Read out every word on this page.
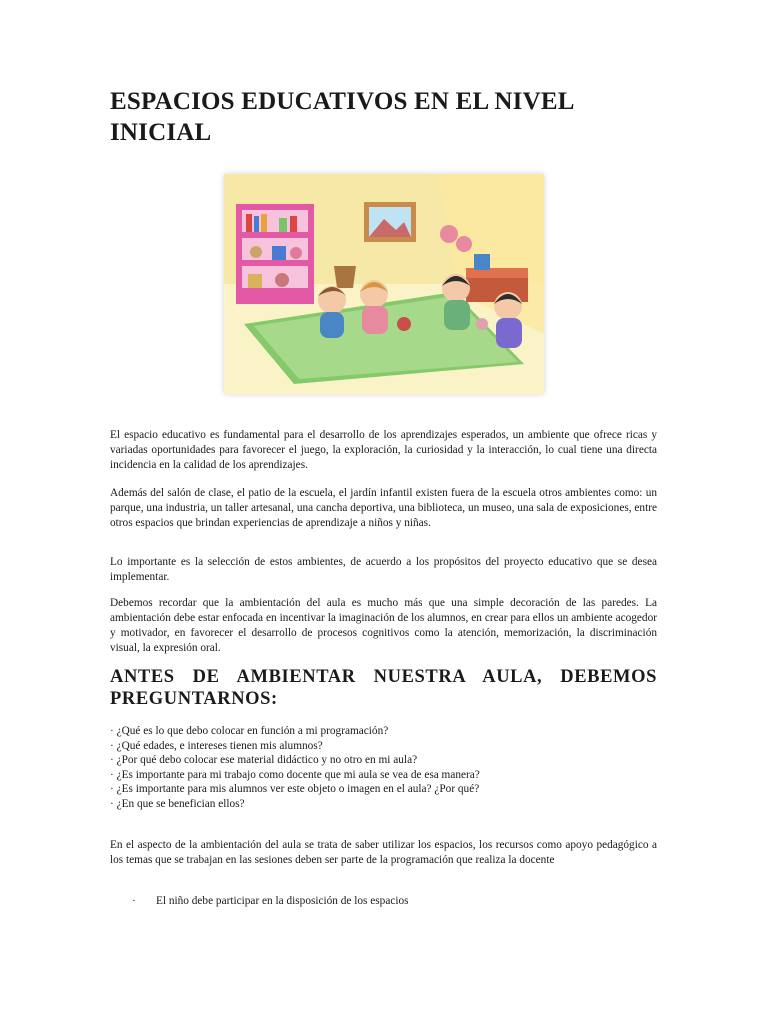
ESPACIOS EDUCATIVOS EN EL NIVEL INICIAL

El espacio educativo es fundamental para el desarrollo de los aprendizajes esperados, un ambiente que ofrece ricas y variadas oportunidades para favorecer el juego, la exploración, la curiosidad y la interacción, lo cual tiene una directa incidencia en la calidad de los aprendizajes.

Además del salón de clase, el patio de la escuela, el jardín infantil existen fuera de la escuela otros ambientes como: un parque, una industria, un taller artesanal, una cancha deportiva, una biblioteca, un museo, una sala de exposiciones, entre otros espacios que brindan experiencias de aprendizaje a niños y niñas.

Lo importante es la selección de estos ambientes, de acuerdo a los propósitos del proyecto educativo que se desea implementar.

Debemos recordar que la ambientación del aula es mucho más que una simple decoración de las paredes. La ambientación debe estar enfocada en incentivar la imaginación de los alumnos, en crear para ellos un ambiente acogedor y motivador, en favorecer el desarrollo de procesos cognitivos como la atención, memorización, la discriminación visual, la expresión oral.

ANTES DE AMBIENTAR NUESTRA AULA, DEBEMOS PREGUNTARNOS:
· ¿Qué es lo que debo colocar en función a mi programación?
· ¿Qué edades, e intereses tienen mis alumnos?
· ¿Por qué debo colocar ese material didáctico y no otro en mi aula?
· ¿Es importante para mi trabajo como docente que mi aula se vea de esa manera?
· ¿Es importante para mis alumnos ver este objeto o imagen en el aula? ¿Por qué?
· ¿En que se benefician ellos?

En el aspecto de la ambientación del aula se trata de saber utilizar los espacios, los recursos como apoyo pedagógico a los temas que se trabajan en las sesiones deben ser parte de la programación que realiza la docente

· El niño debe participar en la disposición de los espacios
